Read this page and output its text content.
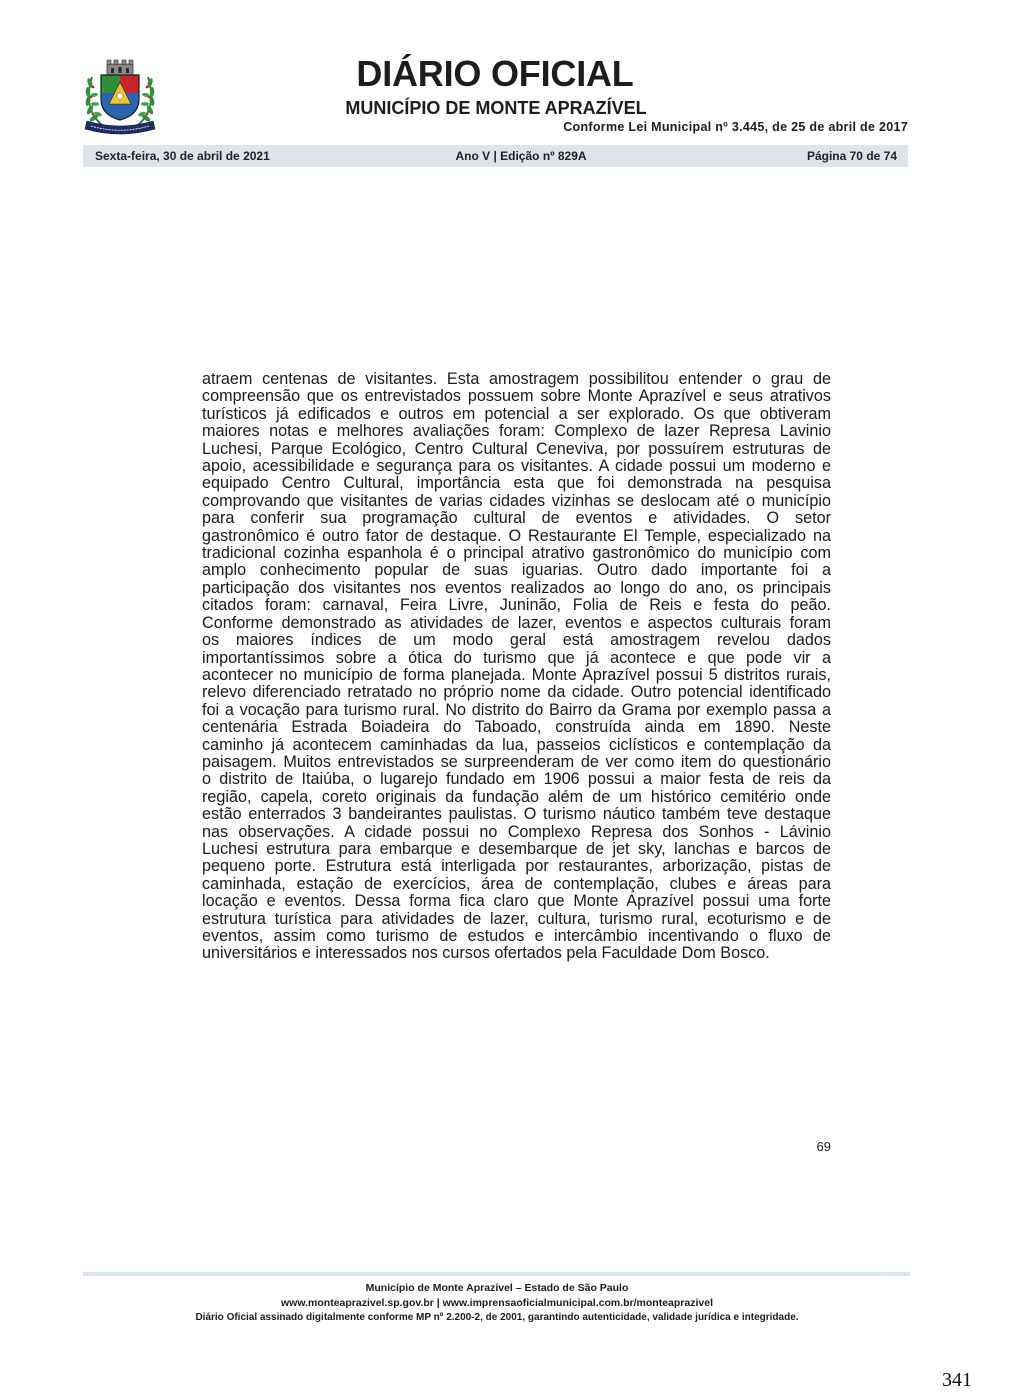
DIÁRIO OFICIAL
MUNICÍPIO DE MONTE APRAZÍVEL
Conforme Lei Municipal nº 3.445, de 25 de abril de 2017
Sexta-feira, 30 de abril de 2021	Ano V | Edição nº 829A	Página 70 de 74
atraem centenas de visitantes. Esta amostragem possibilitou entender o grau de
compreensão que os entrevistados possuem sobre Monte Aprazível e seus atrativos
turísticos já edificados e outros em potencial a ser explorado. Os que obtiveram
maiores notas e melhores avaliações foram: Complexo de lazer Represa Lavinio
Luchesi, Parque Ecológico, Centro Cultural Ceneviva, por possuírem estruturas de
apoio, acessibilidade e segurança para os visitantes. A cidade possui um moderno e
equipado Centro Cultural, importância esta que foi demonstrada na pesquisa
comprovando que visitantes de varias cidades vizinhas se deslocam até o município
para conferir sua programação cultural de eventos e atividades. O setor
gastronômico é outro fator de destaque. O Restaurante El Temple, especializado na
tradicional cozinha espanhola é o principal atrativo gastronômico do município com
amplo conhecimento popular de suas iguarias. Outro dado importante foi a
participação dos visitantes nos eventos realizados ao longo do ano, os principais
citados foram: carnaval, Feira Livre, Juninão, Folia de Reis e festa do peão.
Conforme demonstrado as atividades de lazer, eventos e aspectos culturais foram
os maiores índices de um modo geral está amostragem revelou dados
importantíssimos sobre a ótica do turismo que já acontece e que pode vir a
acontecer no município de forma planejada. Monte Aprazível possui 5 distritos rurais,
relevo diferenciado retratado no próprio nome da cidade. Outro potencial identificado
foi a vocação para turismo rural. No distrito do Bairro da Grama por exemplo passa a
centenária Estrada Boiadeira do Taboado, construída ainda em 1890. Neste
caminho já acontecem caminhadas da lua, passeios ciclísticos e contemplação da
paisagem. Muitos entrevistados se surpreenderam de ver como item do questionário
o distrito de Itaiúba, o lugarejo fundado em 1906 possui a maior festa de reis da
região, capela, coreto originais da fundação além de um histórico cemitério onde
estão enterrados 3 bandeirantes paulistas. O turismo náutico também teve destaque
nas observações. A cidade possui no Complexo Represa dos Sonhos - Lávinio
Luchesi estrutura para embarque e desembarque de jet sky, lanchas e barcos de
pequeno porte. Estrutura está interligada por restaurantes, arborização, pistas de
caminhada, estação de exercícios, área de contemplação, clubes e áreas para
locação e eventos. Dessa forma fica claro que Monte Aprazível possui uma forte
estrutura turística para atividades de lazer, cultura, turismo rural, ecoturismo e de
eventos, assim como turismo de estudos e intercâmbio incentivando o fluxo de
universitários e interessados nos cursos ofertados pela Faculdade Dom Bosco.
69
Município de Monte Aprazível – Estado de São Paulo
www.monteaprazivel.sp.gov.br | www.imprensaoficialmunicipal.com.br/monteaprazivel
Diário Oficial assinado digitalmente conforme MP nº 2.200-2, de 2001, garantindo autenticidade, validade jurídica e integridade.
341
